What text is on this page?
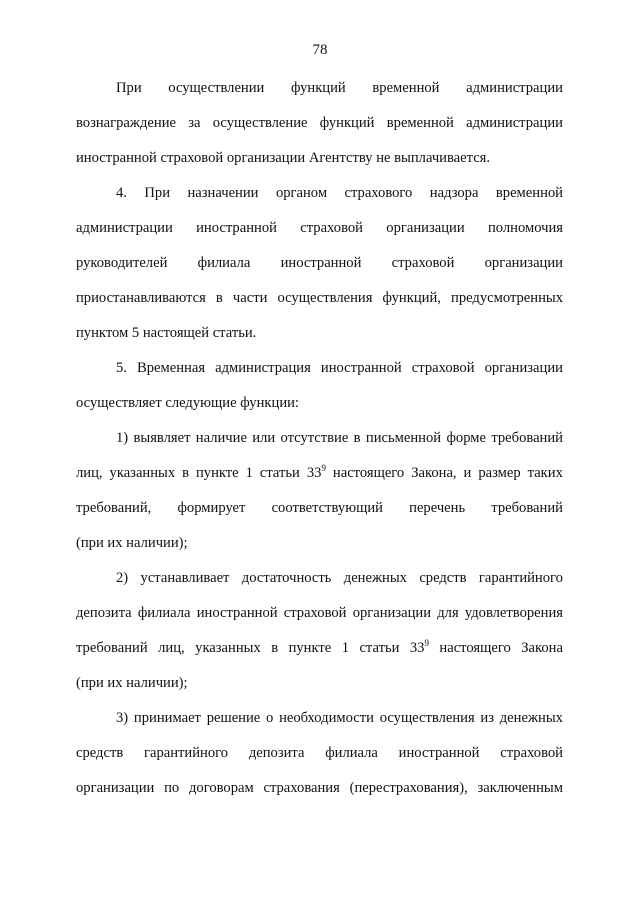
78
При осуществлении функций временной администрации
вознаграждение за осуществление функций временной администрации
иностранной страховой организации Агентству не выплачивается.
4. При назначении органом страхового надзора временной
администрации иностранной страховой организации полномочия
руководителей филиала иностранной страховой организации
приостанавливаются в части осуществления функций, предусмотренных
пунктом 5 настоящей статьи.
5. Временная администрация иностранной страховой организации
осуществляет следующие функции:
1) выявляет наличие или отсутствие в письменной форме требований
лиц, указанных в пункте 1 статьи $33^9$ настоящего Закона, и размер таких
требований, формирует соответствующий перечень требований
(при их наличии);
2) устанавливает достаточность денежных средств гарантийного
депозита филиала иностранной страховой организации для удовлетворения
требований лиц, указанных в пункте 1 статьи $33^9$ настоящего Закона
(при их наличии);
3) принимает решение о необходимости осуществления из денежных
средств гарантийного депозита филиала иностранной страховой
организации по договорам страхования (перестрахования), заключенным
